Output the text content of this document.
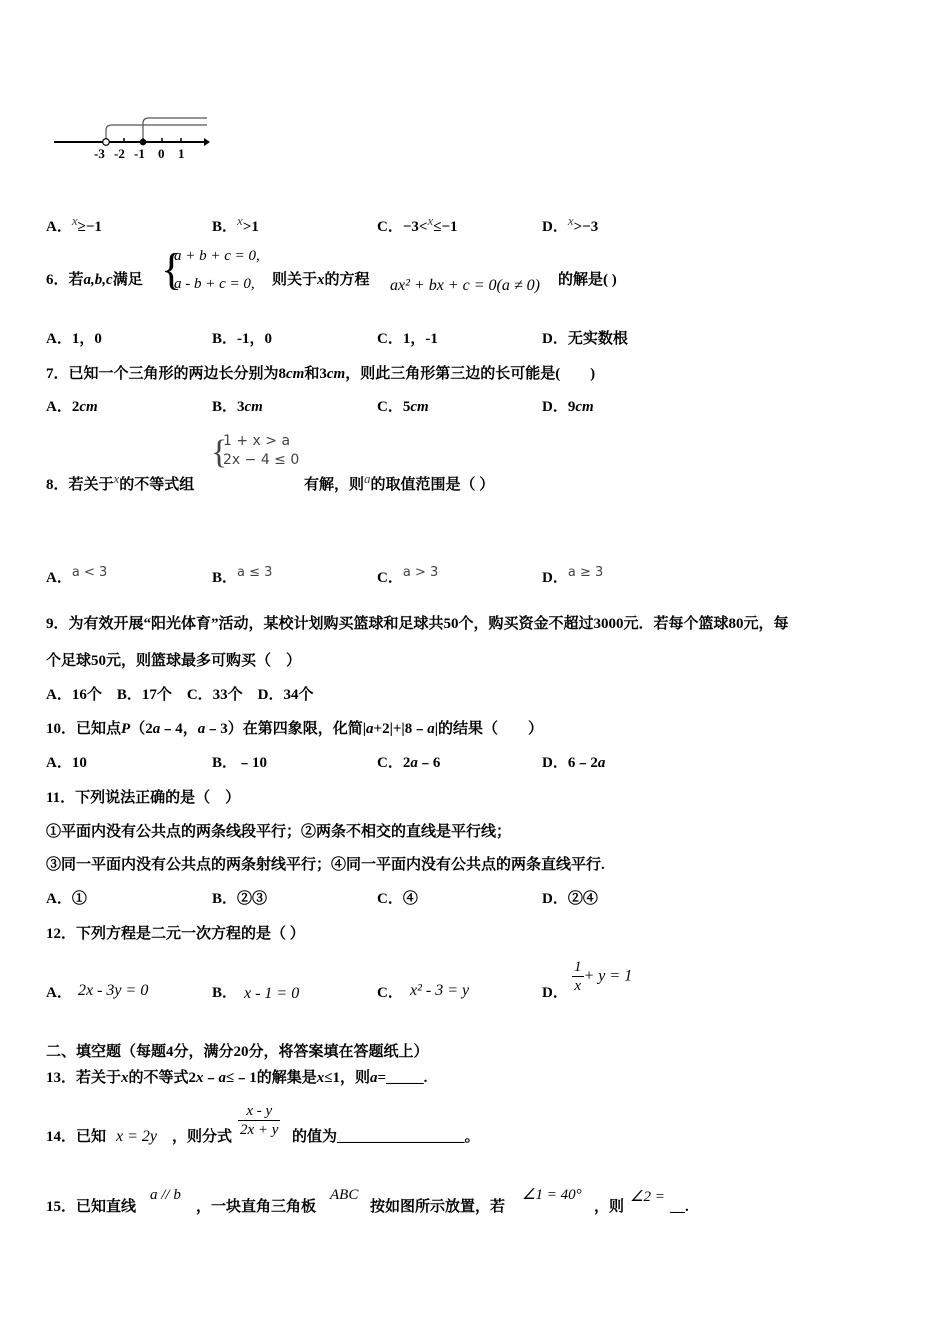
-3 -2 -1 0 1
A．$^x$≥−1	B．$^x$>1	C．−3<$^x$≤−1	D．$^x$>−3
6．若a,b,c满足 {
a + b + c = 0,
a - b + c = 0,	则关于x的方程 ax² + bx + c = 0(a ≠ 0) 的解是( )
A．1，0	B．-1，0	C．1，-1	D．无实数根
7．已知一个三角形的两边长分别为8cm和3cm，则此三角形第三边的长可能是(　　)
A．2cm	B．3cm	C．5cm	D．9cm
8．若关于$^x$的不等式组
{
1 + x > a
2x − 4 ≤ 0
有解，则$^a$的取值范围是（ ）
A．$^{a < 3}$	B．$^{a \le 3}$	C．$^{a > 3}$	D．$^{a \ge 3}$
9．为有效开展“阳光体育”活动，某校计划购买篮球和足球共50个，购买资金不超过3000元．若每个篮球80元，每
个足球50元，则篮球最多可购买（　）
A．16个　B．17个　C．33个　D．34个
10．已知点P（2a﹣4，a﹣3）在第四象限，化简|a+2|+|8﹣a|的结果（　　）
A．10	B．﹣10	C．2a﹣6	D．6﹣2a
11．下列说法正确的是（　）
①平面内没有公共点的两条线段平行；②两条不相交的直线是平行线；
③同一平面内没有公共点的两条射线平行；④同一平面内没有公共点的两条直线平行.
A．①	B．②③	C．④	D．②④
12．下列方程是二元一次方程的是（ ）
A． 2x - 3y = 0	B． x - 1 = 0	C． x² - 3 = y	D． $\frac{1}{x} + y = 1$
二、填空题（每题4分，满分20分，将答案填在答题纸上）
13．若关于x的不等式2x﹣a≤﹣1的解集是x≤1，则a=_____.
14．已知 x = 2y ，则分式 $\frac{x - y}{2x + y}$ 的值为_________________。
15．已知直线
a // b
，一块直角三角板
ABC
按如图所示放置，若
∠1 = 40°
，则
∠2 =
__.
